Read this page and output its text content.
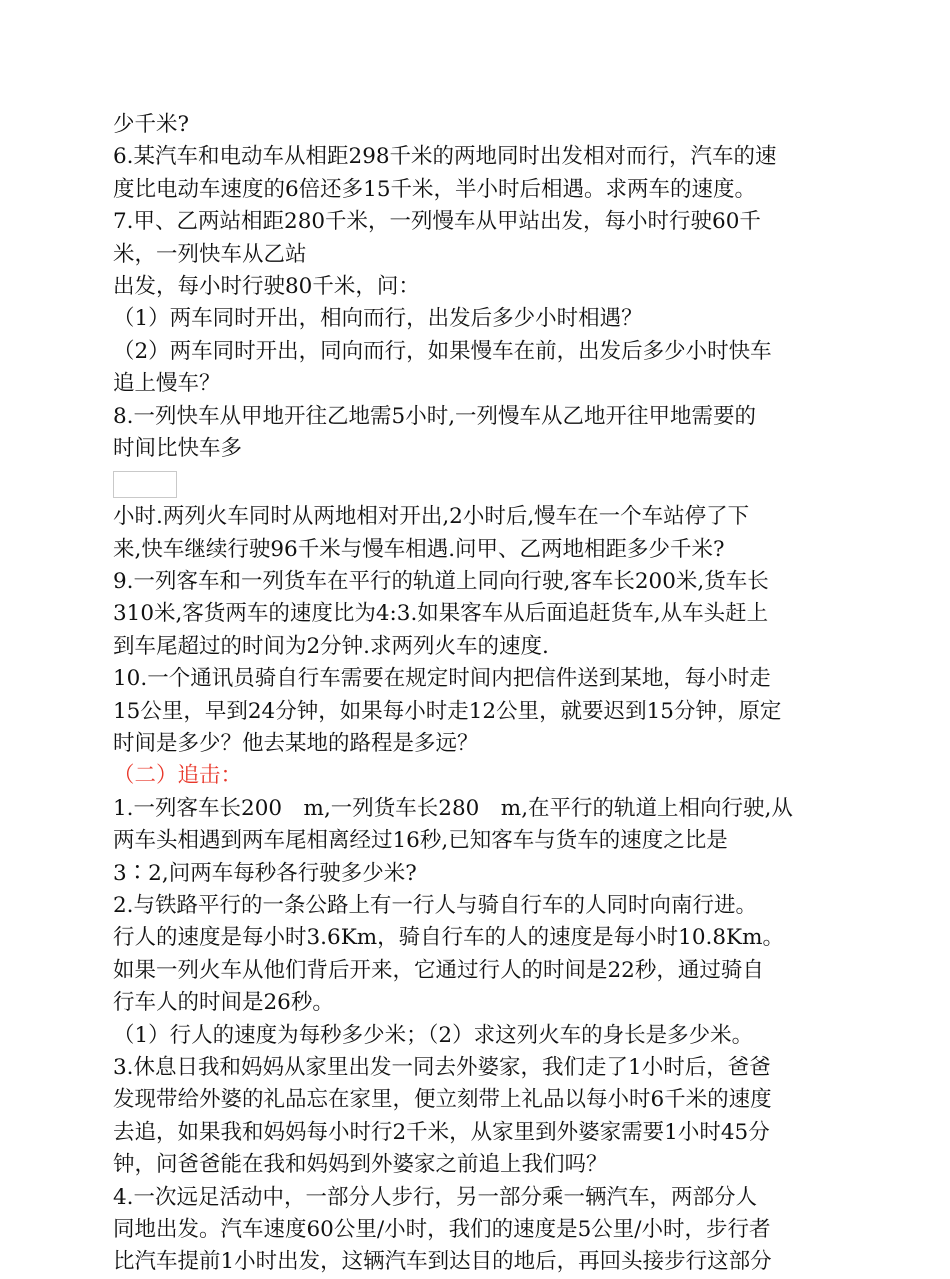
少千米?
6.某汽车和电动车从相距298千米的两地同时出发相对而行，汽车的速
度比电动车速度的6倍还多15千米，半小时后相遇。求两车的速度。
7.甲、乙两站相距280千米，一列慢车从甲站出发，每小时行驶60千
米，一列快车从乙站
出发，每小时行驶80千米，问：
（1）两车同时开出，相向而行，出发后多少小时相遇？
（2）两车同时开出，同向而行，如果慢车在前，出发后多少小时快车
追上慢车？
8.一列快车从甲地开往乙地需5小时,一列慢车从乙地开往甲地需要的
时间比快车多
小时.两列火车同时从两地相对开出,2小时后,慢车在一个车站停了下
来,快车继续行驶96千米与慢车相遇.问甲、乙两地相距多少千米?
9.一列客车和一列货车在平行的轨道上同向行驶,客车长200米,货车长
310米,客货两车的速度比为4:3.如果客车从后面追赶货车,从车头赶上
到车尾超过的时间为2分钟.求两列火车的速度.
10.一个通讯员骑自行车需要在规定时间内把信件送到某地，每小时走
15公里，早到24分钟，如果每小时走12公里，就要迟到15分钟，原定
时间是多少？他去某地的路程是多远？
（二）追击：
1.一列客车长200　m,一列货车长280　m,在平行的轨道上相向行驶,从
两车头相遇到两车尾相离经过16秒,已知客车与货车的速度之比是
3∶2,问两车每秒各行驶多少米?
2.与铁路平行的一条公路上有一行人与骑自行车的人同时向南行进。
行人的速度是每小时3.6Km，骑自行车的人的速度是每小时10.8Km。
如果一列火车从他们背后开来，它通过行人的时间是22秒，通过骑自
行车人的时间是26秒。
（1）行人的速度为每秒多少米；（2）求这列火车的身长是多少米。
3.休息日我和妈妈从家里出发一同去外婆家，我们走了1小时后，爸爸
发现带给外婆的礼品忘在家里，便立刻带上礼品以每小时6千米的速度
去追，如果我和妈妈每小时行2千米，从家里到外婆家需要1小时45分
钟，问爸爸能在我和妈妈到外婆家之前追上我们吗？
4.一次远足活动中，一部分人步行，另一部分乘一辆汽车，两部分人
同地出发。汽车速度60公里/小时，我们的速度是5公里/小时，步行者
比汽车提前1小时出发，这辆汽车到达目的地后，再回头接步行这部分
